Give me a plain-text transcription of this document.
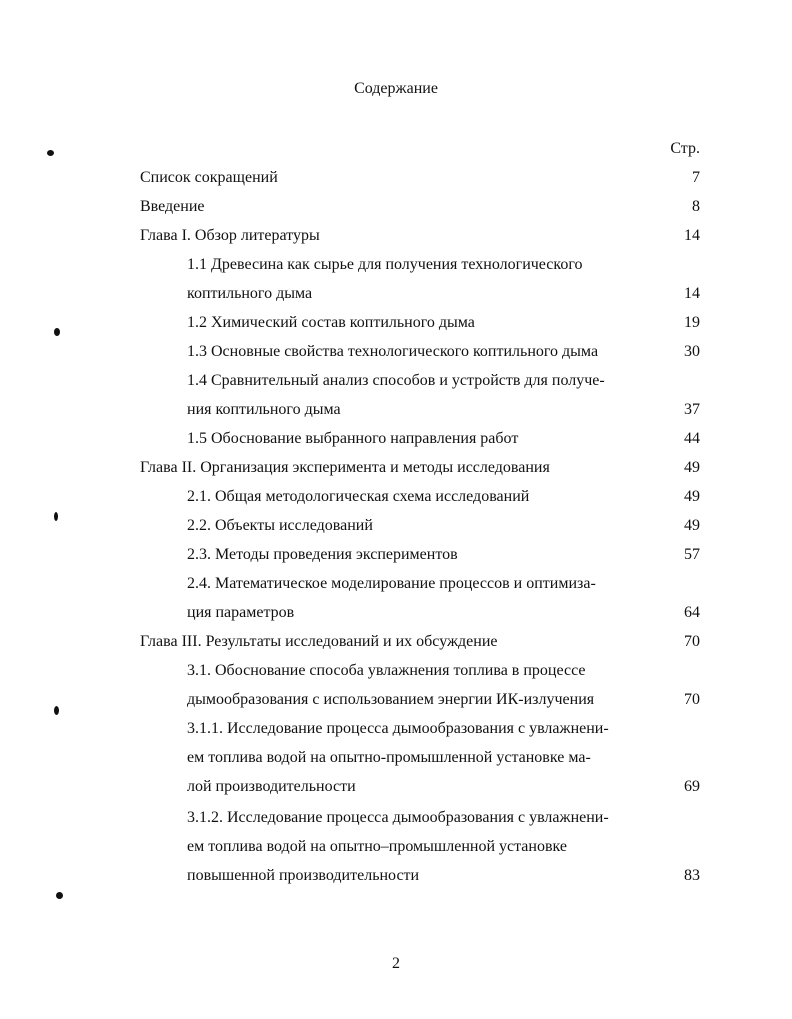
Содержание
Стр.
Список сокращений	7
Введение	8
Глава I. Обзор литературы	14
1.1 Древесина как сырье для получения технологического
коптильного дыма	14
1.2 Химический состав коптильного дыма	19
1.3 Основные свойства технологического коптильного дыма	30
1.4 Сравнительный анализ способов и устройств для получе-
ния коптильного дыма	37
1.5 Обоснование выбранного направления работ	44
Глава II. Организация эксперимента и методы исследования	49
2.1. Общая методологическая схема исследований	49
2.2. Объекты исследований	49
2.3. Методы проведения экспериментов	57
2.4. Математическое моделирование процессов и оптимиза-
ция параметров	64
Глава III. Результаты исследований и их обсуждение	70
3.1. Обоснование способа увлажнения топлива в процессе
дымообразования с использованием энергии ИК-излучения	70
3.1.1. Исследование процесса дымообразования с увлажнени-
ем топлива водой на опытно-промышленной установке ма-
лой производительности	69
3.1.2. Исследование процесса дымообразования с увлажнени-
ем топлива водой на опытно–промышленной установке
повышенной производительности	83
2
